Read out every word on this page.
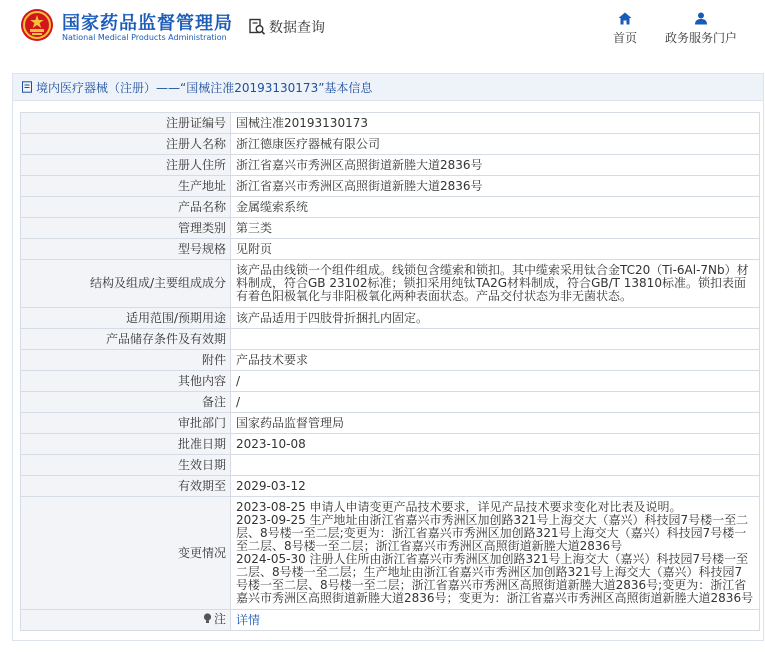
国家药品监督管理局
National Medical Products Administration
数据查询
首页 政务服务门户
境内医疗器械（注册）——“国械注准20193130173”基本信息
注册证编号	国械注准20193130173
注册人名称	浙江德康医疗器械有限公司
注册人住所	浙江省嘉兴市秀洲区高照街道新塍大道2836号
生产地址	浙江省嘉兴市秀洲区高照街道新塍大道2836号
产品名称	金属缆索系统
管理类别	第三类
型号规格	见附页
结构及组成/主要组成成分	该产品由线锁一个组件组成。线锁包含缆索和锁扣。其中缆索采用钛合金TC20（Ti-6Al-7Nb）材料制成，符合GB 23102标准；锁扣采用纯钛TA2G材料制成，符合GB/T 13810标准。锁扣表面有着色阳极氧化与非阳极氧化两种表面状态。产品交付状态为非无菌状态。
适用范围/预期用途	该产品适用于四肢骨折捆扎内固定。
产品储存条件及有效期	
附件	产品技术要求
其他内容	/
备注	/
审批部门	国家药品监督管理局
批准日期	2023-10-08
生效日期	
有效期至	2029-03-12
变更情况	2023-08-25 申请人申请变更产品技术要求，详见产品技术要求变化对比表及说明。
2023-09-25 生产地址由浙江省嘉兴市秀洲区加创路321号上海交大（嘉兴）科技园7号楼一至二层、8号楼一至二层;变更为：浙江省嘉兴市秀洲区加创路321号上海交大（嘉兴）科技园7号楼一至二层、8号楼一至二层；浙江省嘉兴市秀洲区高照街道新塍大道2836号
2024-05-30 注册人住所由浙江省嘉兴市秀洲区加创路321号上海交大（嘉兴）科技园7号楼一至二层、8号楼一至二层；生产地址由浙江省嘉兴市秀洲区加创路321号上海交大（嘉兴）科技园7号楼一至二层、8号楼一至二层；浙江省嘉兴市秀洲区高照街道新塍大道2836号;变更为：浙江省嘉兴市秀洲区高照街道新塍大道2836号；变更为：浙江省嘉兴市秀洲区高照街道新塍大道2836号
注	详情
